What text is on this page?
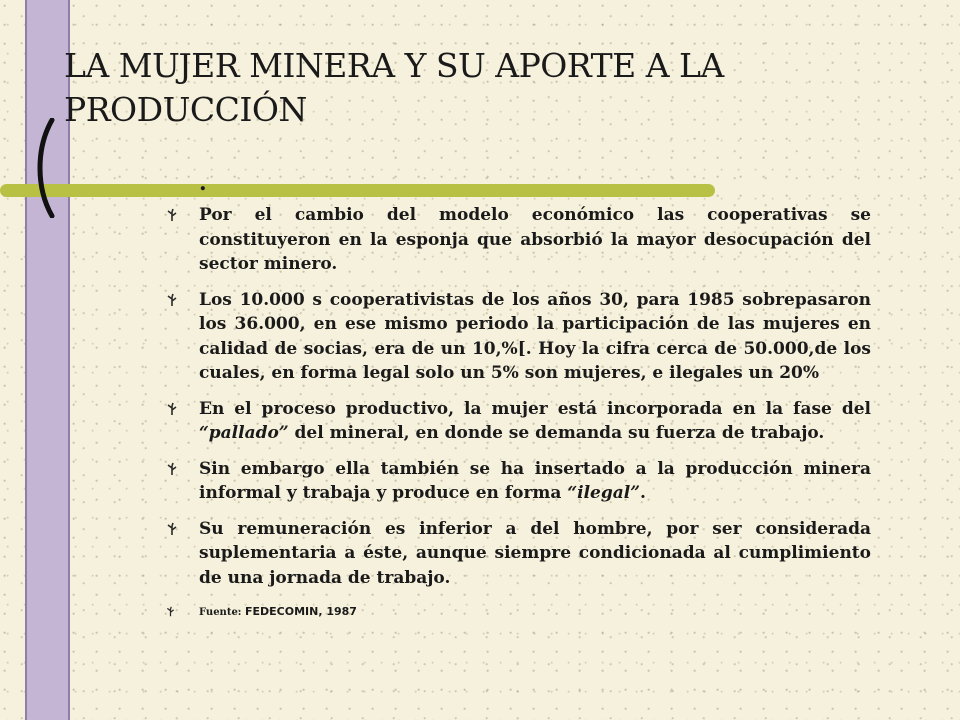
LA MUJER MINERA Y SU APORTE A LA PRODUCCIÓN
.
Por el cambio del modelo económico las cooperativas se constituyeron en la esponja que absorbió la mayor desocupación del sector minero.
Los 10.000 s cooperativistas de los años 30, para 1985 sobrepasaron los 36.000, en ese mismo periodo la participación de las mujeres en calidad de socias, era de un 10,%[. Hoy la cifra cerca de 50.000,de los cuales, en forma legal solo un 5% son mujeres, e ilegales un 20%
En el proceso productivo, la mujer está incorporada en la fase del “pallado” del mineral, en donde se demanda su fuerza de trabajo.
Sin embargo ella también se ha insertado a la producción minera informal y trabaja y produce en forma “ilegal”.
Su remuneración es inferior a del hombre, por ser considerada suplementaria a éste, aunque siempre condicionada al cumplimiento de una jornada de trabajo.
Fuente: FEDECOMIN, 1987
